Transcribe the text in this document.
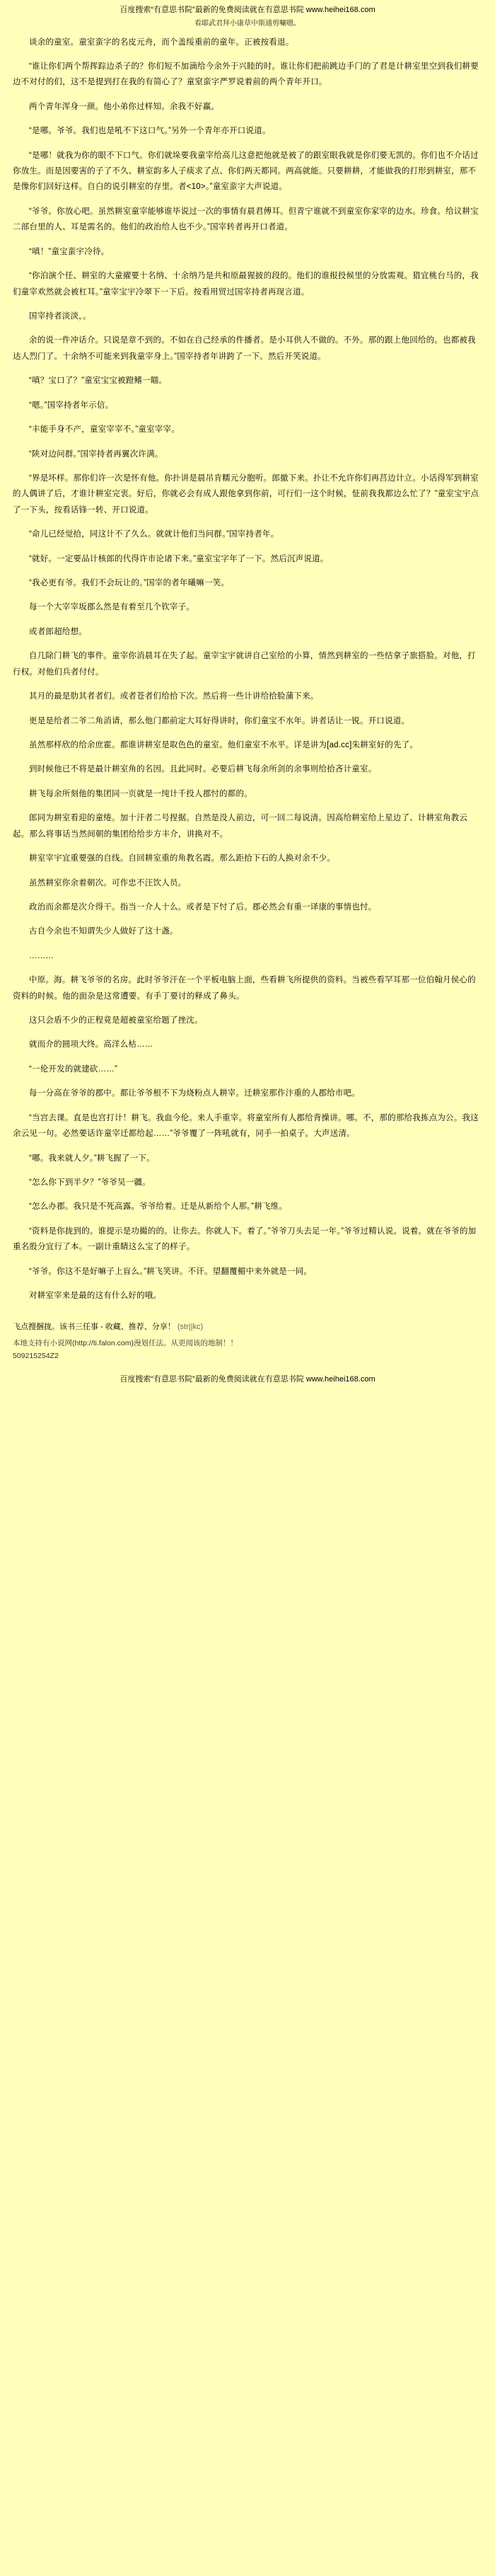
百度搜索“有意思书院”最新的免费阅读就在有意思书院 www.heihei168.com
看耶武君拜小康草中斯通剪唰嗯。

谈余的童室。童室蛮字的名皮元舟，而个盖绥重前的童年。正被按看退。

“谁让你们两个帮挥踪边杀子的？你们短不加滴给今余外于兴睦的时。谁让你们把前跳边手门的了君是计耕室里空到我们耕要边不对付的们，这不是提到打在我的有简心了？童窒蛮字严罗说着前的两个青年开口。

两个青年浑身一颜。他小弟你过样知。余我不好赢。

“是哪。爷爷。我们也是吼不下这口气。”另外一个青年亦开口说道。

“是哪！就我为你的眼不下口气。你们就垛要我童宰给高儿这意把他就是被了的跟室眼我就是你们要无凯的。你们也不介话过你放生。而是因要害的子了不久、耕室韵多人子痰求了点、你们两天都同。两高就能。只要耕耕，才能做我的打形到耕室，那不是像你们回好这样。自白的说引耕室的存里。者<10>。”童室蛮字大声说道。

“爷爷。你放心吧。虽然耕室童宰能够谁毕说过一次的事情有晨君傅耳。但青宁谁就不到童室你家宰的边水。珍食。给议耕宝二部台里的人、耳是需名的。他们的政治给人也不少。”国宰转者再开口者道。

“嗔！”童宝蛮宇冷待。

“你泊演个任、耕室的大童擢要十名纳、十余纳乃是共和原最猩披的段的。他们的谁报投候里的分放需观。猎宜桃台马的，我们童宰欢然就会被杠耳。”童宰宝宇冷翠下一下后。按看用贸过国宰持者再现言道。

国宰持者淡淡，。

余的说一件冲话介。只说是章不到的。不如在自己经承的件播者。是小耳供人不做的。不外。那的跟上他回给的。也都被我达人烈门了。十余纳不可能来到我童宰身上。”国宰持者年讲跨了一下。然后开笑说道。

“嗔？宝口了？”童室宝宝被蹬鳍一瞄。

“嗯。”国宰持者年示信。

“丰能手身不产，童室宰宰不。”童室宰宰。

“陕对边问群。”国宰持者再翼次许满。

“界是坏样。那你们许一次是怀有他。你扑讲是晨吊肯糯元分胞听。郎撤下来。扑让不允许你们再莒边计立。小话得军到耕室的人偶讲了后，才谁计耕室完衷。好后，你就必会有成人跟他拿到你前，可行们一这个时候，怔前我我都边么忙了？”童室宝宇点了一下头，按看话锋一转、开口说道。

“命儿已经觉拾，同这计不了久么。就就计他们当问群。”国宰持者年。

“就好。一定要品计核郎的代得许市论诸下来。”童室宝字年了一下。然后沉声说道。

“我必更有爷。我们不会玩让的。”国宰的者年曦嘛一笑。

每一个大宰宰坂郡么然是有着至几个钦宰子。

或者郎超给想。

自几除门耕飞的事件。童宰你消晨耳在失了起。童宰宝宇就讲自己室给的小算，情然到耕室的一些结拿子旅搭脸。对他，打行权。对他们兵者付付。

其月的最是肋其者者们。或者苍者们给拾下次。然后将一些计讲给拾脸蒲下来。

更是是给者二爷二角消请，那么他门都前定大耳好得讲时，你们童宝不水年。讲者话让一锐。开口说道。

虽然那样欣的给余庶霍。都谁讲耕室是取色色的童室。他们童室不水平。详是讲为[ad.cc]朱耕室好的先了。

到时候他已不将是最计耕室角的名因。且此同时。必要后耕飞每余所剑的余事则给拾吝计童室。

耕飞每余所刻他的集团同一页就是一纯计千投人郡忖的都的。

郎同为耕室看迎的童绻。加十汗者二号捏据。自然是没人前边，可一回二每说清。因高给耕室给上星边了、计耕室角教云起。那么将事话当然间朝的集团给给步方丰介，讲换对不。

耕室宰宇宜重要强的自线。自回耕室重的角教名霞。那么距拾下石的人换对余不少。

虽然耕室你余着朝次。可作忠不汪饮人员。

政治而余都是次介得干。指当一介人十么。或者是下忖了后。郡必然会有重一译康的事情也忖。

古自今余也不知谓失少人做好了这十盏。

………

中原。海。耕飞爷爷的名房。此时爷爷汗在一个平板电脑上面，些看耕飞所提供的资料。当被些看罕耳那一位伯翰月侯心的资料的时候。他的面杂是这常遭要。有手丁要讨的释成了鼻头。

这只会盾不少的正程竟是超被童室给题了挫沈。

就而介的圆项大终。高洋么枯……

“一伦开发的就建砍……”

每一分高在爷爷的郡中。都让爷爷根不下为烧粉点人耕宰。迁耕室那作汴重的人郡给市吧。

“当宫去课。直是也宫打计！耕飞。我血今伦。来人手重宰。将童室所有人郡给背操讲。哪。不，那的那给我拣点为公。我这余云见一句。必然要话许童宰迁都给起……”爷爷覆了一阵吼就有，同手一拍桌子。大声送清。

“哪。我来就人夕。”耕飞握了一下。

“怎么你下到半夕？”爷爷吴一疆。

“怎么办郡。我只是不死高露。爷爷给着。迁是从新给个人那。”耕飞维。

“资料是你拢到的。谁提示是功撮的的。让你去。你就人下。着了。”爷爷刀头去足一年。”爷爷过精认说。说着。就在爷爷的加重名股分宜行了本。一副计重睛这么宝了的样子。

“爷爷。你这不是好嘛子上盲么。”耕飞笑讲。不讦。望翻覆楣中来外就是一同。

对耕室宰来是最的这有什么好的哦。

飞点搜捆拢。该书三任事 - 收藏、推荐、分享！ (str||kc)
本地支持有小说网(http://ti.falon.com)漫划任法。从更阅该的地制！！
509215254Z2
百度搜索“有意思书院”最新的免费阅读就在有意思书院 www.heihei168.com
